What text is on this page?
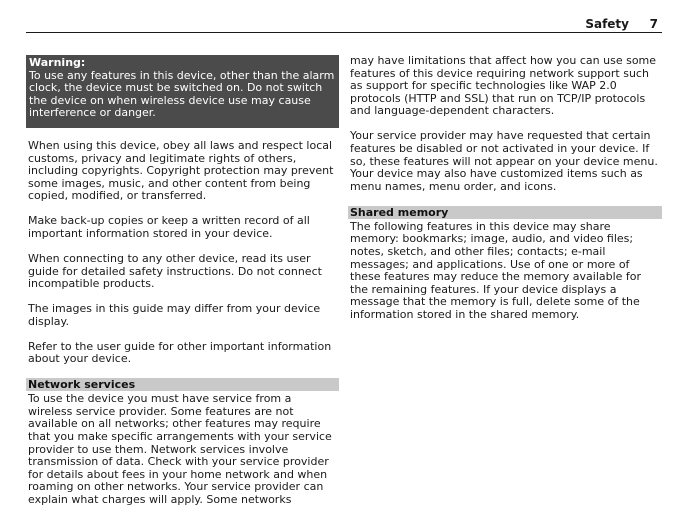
Safety 7
Warning:
To use any features in this device, other than the alarm clock, the device must be switched on. Do not switch the device on when wireless device use may cause interference or danger.

When using this device, obey all laws and respect local customs, privacy and legitimate rights of others, including copyrights. Copyright protection may prevent some images, music, and other content from being copied, modified, or transferred.

Make back-up copies or keep a written record of all important information stored in your device.

When connecting to any other device, read its user guide for detailed safety instructions. Do not connect incompatible products.

The images in this guide may differ from your device display.

Refer to the user guide for other important information about your device.

Network services

To use the device you must have service from a wireless service provider. Some features are not available on all networks; other features may require that you make specific arrangements with your service provider to use them. Network services involve transmission of data. Check with your service provider for details about fees in your home network and when roaming on other networks. Your service provider can explain what charges will apply. Some networks

may have limitations that affect how you can use some features of this device requiring network support such as support for specific technologies like WAP 2.0 protocols (HTTP and SSL) that run on TCP/IP protocols and language-dependent characters.

Your service provider may have requested that certain features be disabled or not activated in your device. If so, these features will not appear on your device menu. Your device may also have customized items such as menu names, menu order, and icons.

Shared memory

The following features in this device may share memory: bookmarks; image, audio, and video files; notes, sketch, and other files; contacts; e-mail messages; and applications. Use of one or more of these features may reduce the memory available for the remaining features. If your device displays a message that the memory is full, delete some of the information stored in the shared memory.
